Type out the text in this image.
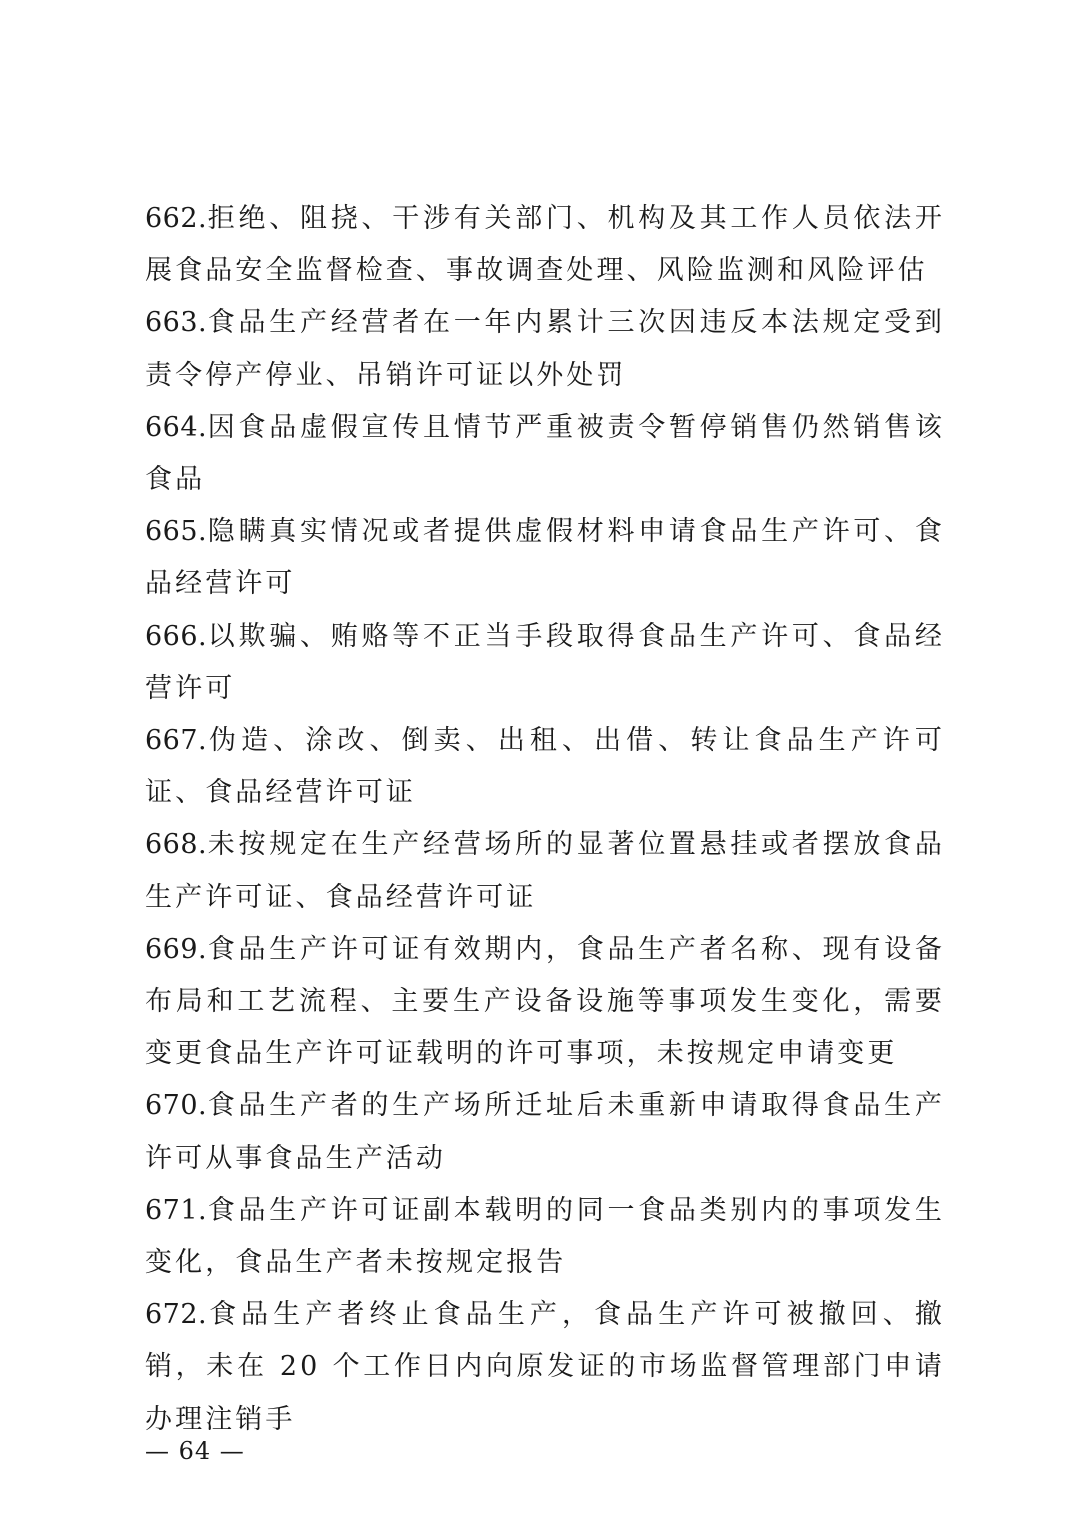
662.拒绝、阻挠、干涉有关部门、机构及其工作人员依法开展食品安全监督检查、事故调查处理、风险监测和风险评估

663.食品生产经营者在一年内累计三次因违反本法规定受到责令停产停业、吊销许可证以外处罚

664.因食品虚假宣传且情节严重被责令暂停销售仍然销售该食品

665.隐瞒真实情况或者提供虚假材料申请食品生产许可、食品经营许可

666.以欺骗、贿赂等不正当手段取得食品生产许可、食品经营许可

667.伪造、涂改、倒卖、出租、出借、转让食品生产许可证、食品经营许可证

668.未按规定在生产经营场所的显著位置悬挂或者摆放食品生产许可证、食品经营许可证

669.食品生产许可证有效期内，食品生产者名称、现有设备布局和工艺流程、主要生产设备设施等事项发生变化，需要变更食品生产许可证载明的许可事项，未按规定申请变更

670.食品生产者的生产场所迁址后未重新申请取得食品生产许可从事食品生产活动

671.食品生产许可证副本载明的同一食品类别内的事项发生变化，食品生产者未按规定报告

672.食品生产者终止食品生产，食品生产许可被撤回、撤销，未在 20 个工作日内向原发证的市场监督管理部门申请办理注销手

— 64 —
